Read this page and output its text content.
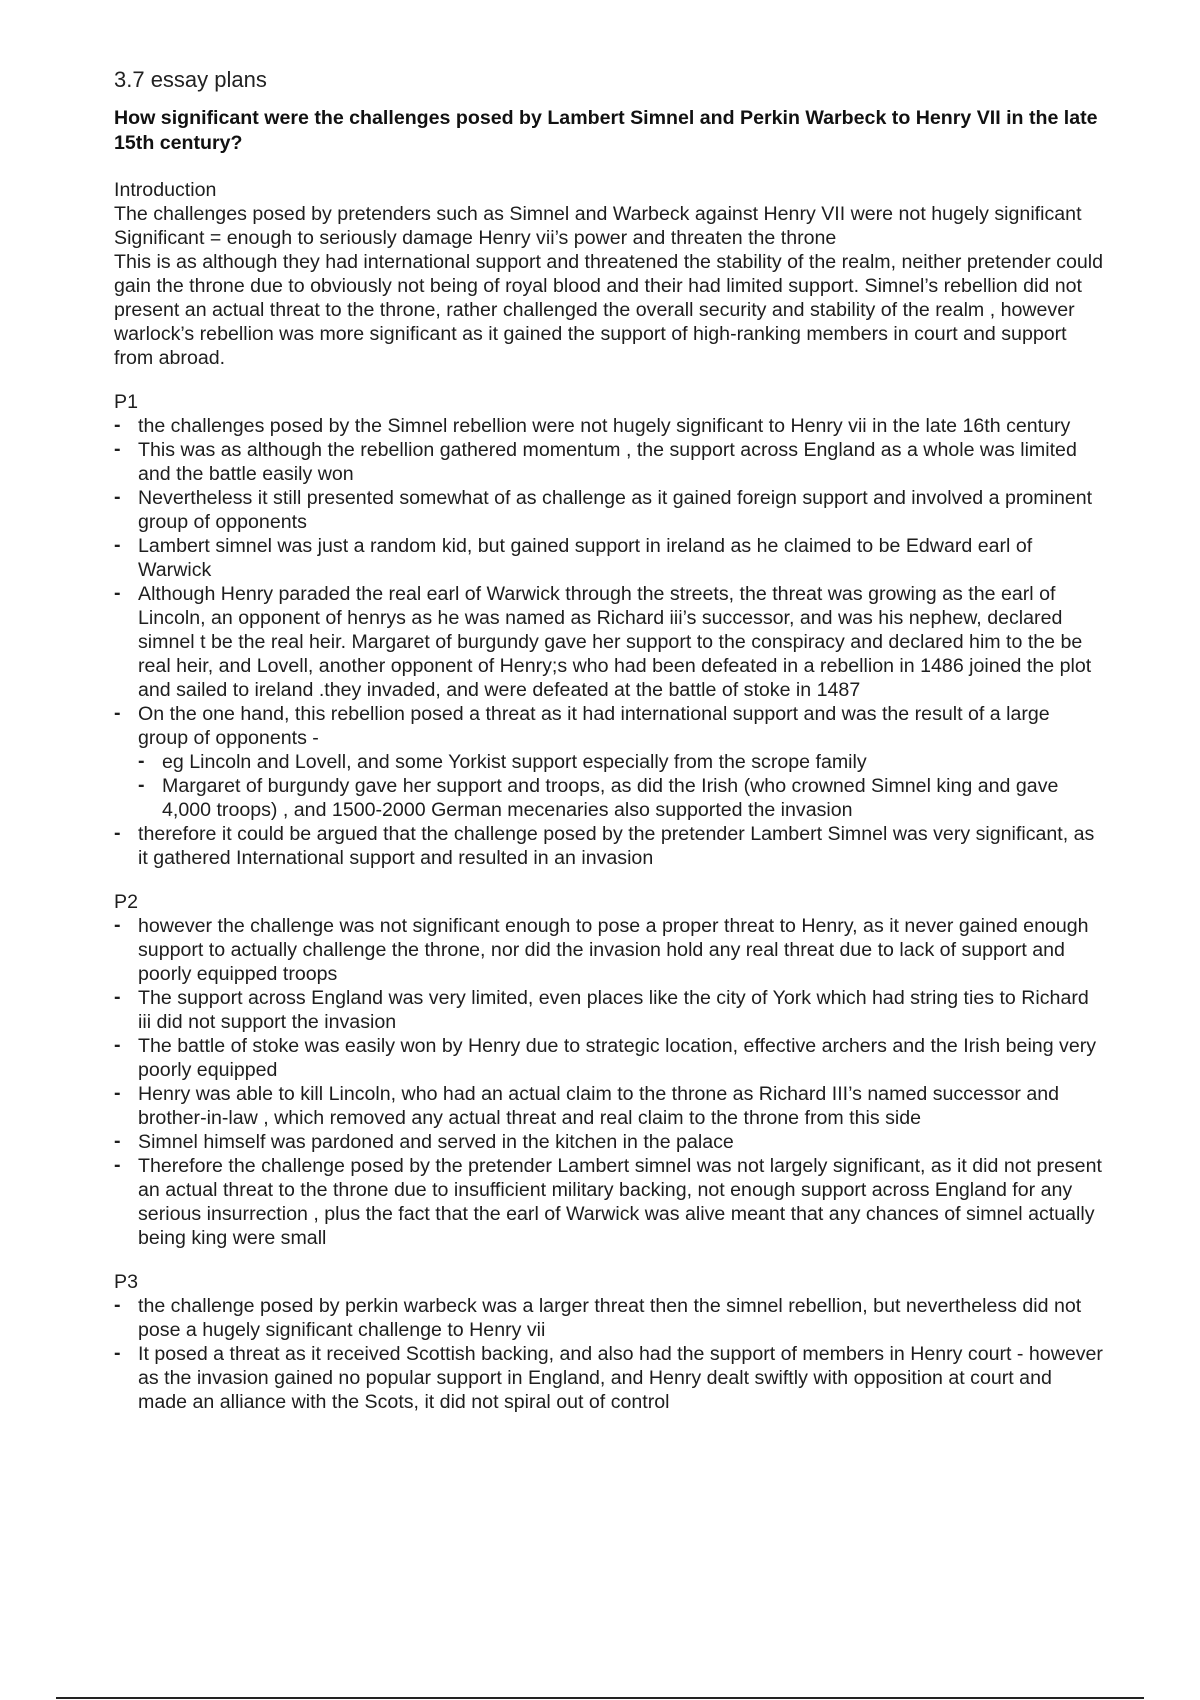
3.7 essay plans

How significant were the challenges posed by Lambert Simnel and Perkin Warbeck to Henry VII in the late 15th century?

Introduction

The challenges posed by pretenders such as Simnel and Warbeck against Henry VII were not hugely significant

Significant = enough to seriously damage Henry vii’s power and threaten the throne

This is as although they had international support and threatened the stability of the realm, neither pretender could gain the throne due to obviously not being of royal blood and their had limited support. Simnel’s rebellion did not present an actual threat to the throne, rather challenged the overall security and stability of the realm , however warlock’s rebellion was more significant as it gained the support of high-ranking members in court and support from abroad.

P1

- the challenges posed by the Simnel rebellion were not hugely significant to Henry vii in the late 16th century
- This was as although the rebellion gathered momentum , the support across England as a whole was limited and the battle easily won
- Nevertheless it still presented somewhat of as challenge as it gained foreign support and involved a prominent group of opponents
- Lambert simnel was just a random kid, but gained support in ireland as he claimed to be Edward earl of Warwick
- Although Henry paraded the real earl of Warwick through the streets, the threat was growing as the earl of Lincoln, an opponent of henrys as he was named as Richard iii’s successor, and was his nephew, declared simnel t be the real heir. Margaret of burgundy gave her support to the conspiracy and declared him to the be real heir, and Lovell, another opponent of Henry;s who had been defeated in a rebellion in 1486 joined the plot and sailed to ireland .they invaded, and were defeated at the battle of stoke in 1487
- On the one hand, this rebellion posed a threat as it had international support and was the result of a large group of opponents -
- eg Lincoln and Lovell, and some Yorkist support especially from the scrope family
- Margaret of burgundy gave her support and troops, as did the Irish (who crowned Simnel king and gave 4,000 troops) , and 1500-2000 German mecenaries also supported the invasion
- therefore it could be argued that the challenge posed by the pretender Lambert Simnel was very significant, as it gathered International support and resulted in an invasion

P2

- however the challenge was not significant enough to pose a proper threat to Henry, as it never gained enough support to actually challenge the throne, nor did the invasion hold any real threat due to lack of support and poorly equipped troops
- The support across England was very limited, even places like the city of York which had string ties to Richard iii did not support the invasion
- The battle of stoke was easily won by Henry due to strategic location, effective archers and the Irish being very poorly equipped
- Henry was able to kill Lincoln, who had an actual claim to the throne as Richard III’s named successor and brother-in-law , which removed any actual threat and real claim to the throne from this side
- Simnel himself was pardoned and served in the kitchen in the palace
- Therefore the challenge posed by the pretender Lambert simnel was not largely significant, as it did not present an actual threat to the throne due to insufficient military backing, not enough support across England for any serious insurrection , plus the fact that the earl of Warwick was alive meant that any chances of simnel actually being king were small

P3

- the challenge posed by perkin warbeck was a larger threat then the simnel rebellion, but nevertheless did not pose a hugely significant challenge to Henry vii
- It posed a threat as it received Scottish backing, and also had the support of members in Henry court - however as the invasion gained no popular support in England, and Henry dealt swiftly with opposition at court and made an alliance with the Scots, it did not spiral out of control
